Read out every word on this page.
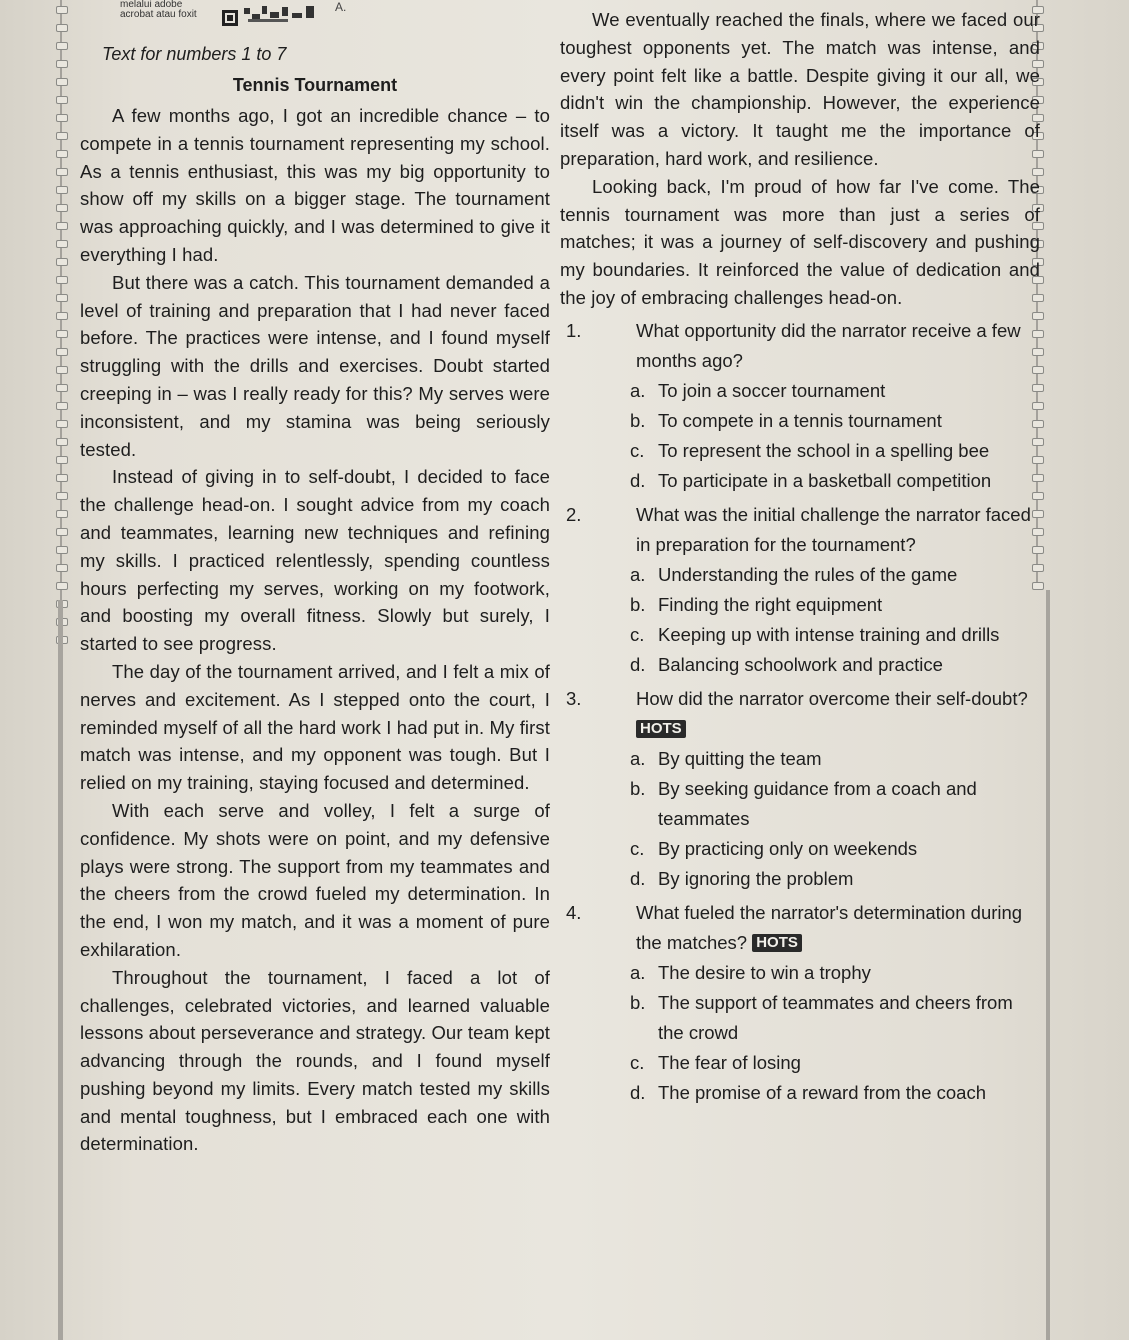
melalui adobe
acrobat atau foxit
A.
Text for numbers 1 to 7
Tennis Tournament

A few months ago, I got an incredible chance – to compete in a tennis tournament representing my school. As a tennis enthusiast, this was my big opportunity to show off my skills on a bigger stage. The tournament was approaching quickly, and I was determined to give it everything I had.

But there was a catch. This tournament demanded a level of training and preparation that I had never faced before. The practices were intense, and I found myself struggling with the drills and exercises. Doubt started creeping in – was I really ready for this? My serves were inconsistent, and my stamina was being seriously tested.

Instead of giving in to self-doubt, I decided to face the challenge head-on. I sought advice from my coach and teammates, learning new techniques and refining my skills. I practiced relentlessly, spending countless hours perfecting my serves, working on my footwork, and boosting my overall fitness. Slowly but surely, I started to see progress.

The day of the tournament arrived, and I felt a mix of nerves and excitement. As I stepped onto the court, I reminded myself of all the hard work I had put in. My first match was intense, and my opponent was tough. But I relied on my training, staying focused and determined.

With each serve and volley, I felt a surge of confidence. My shots were on point, and my defensive plays were strong. The support from my teammates and the cheers from the crowd fueled my determination. In the end, I won my match, and it was a moment of pure exhilaration.

Throughout the tournament, I faced a lot of challenges, celebrated victories, and learned valuable lessons about perseverance and strategy. Our team kept advancing through the rounds, and I found myself pushing beyond my limits. Every match tested my skills and mental toughness, but I embraced each one with determination.

We eventually reached the finals, where we faced our toughest opponents yet. The match was intense, and every point felt like a battle. Despite giving it our all, we didn't win the championship. However, the experience itself was a victory. It taught me the importance of preparation, hard work, and resilience.

Looking back, I'm proud of how far I've come. The tennis tournament was more than just a series of matches; it was a journey of self-discovery and pushing my boundaries. It reinforced the value of dedication and the joy of embracing challenges head-on.

1.	What opportunity did the narrator receive a few months ago?
a. To join a soccer tournament
b. To compete in a tennis tournament
c. To represent the school in a spelling bee
d. To participate in a basketball competition
2.	What was the initial challenge the narrator faced in preparation for the tournament?
a. Understanding the rules of the game
b. Finding the right equipment
c. Keeping up with intense training and drills
d. Balancing schoolwork and practice
3.	How did the narrator overcome their self-doubt? HOTS
a. By quitting the team
b. By seeking guidance from a coach and teammates
c. By practicing only on weekends
d. By ignoring the problem
4.	What fueled the narrator's determination during the matches? HOTS
a. The desire to win a trophy
b. The support of teammates and cheers from the crowd
c. The fear of losing
d. The promise of a reward from the coach
